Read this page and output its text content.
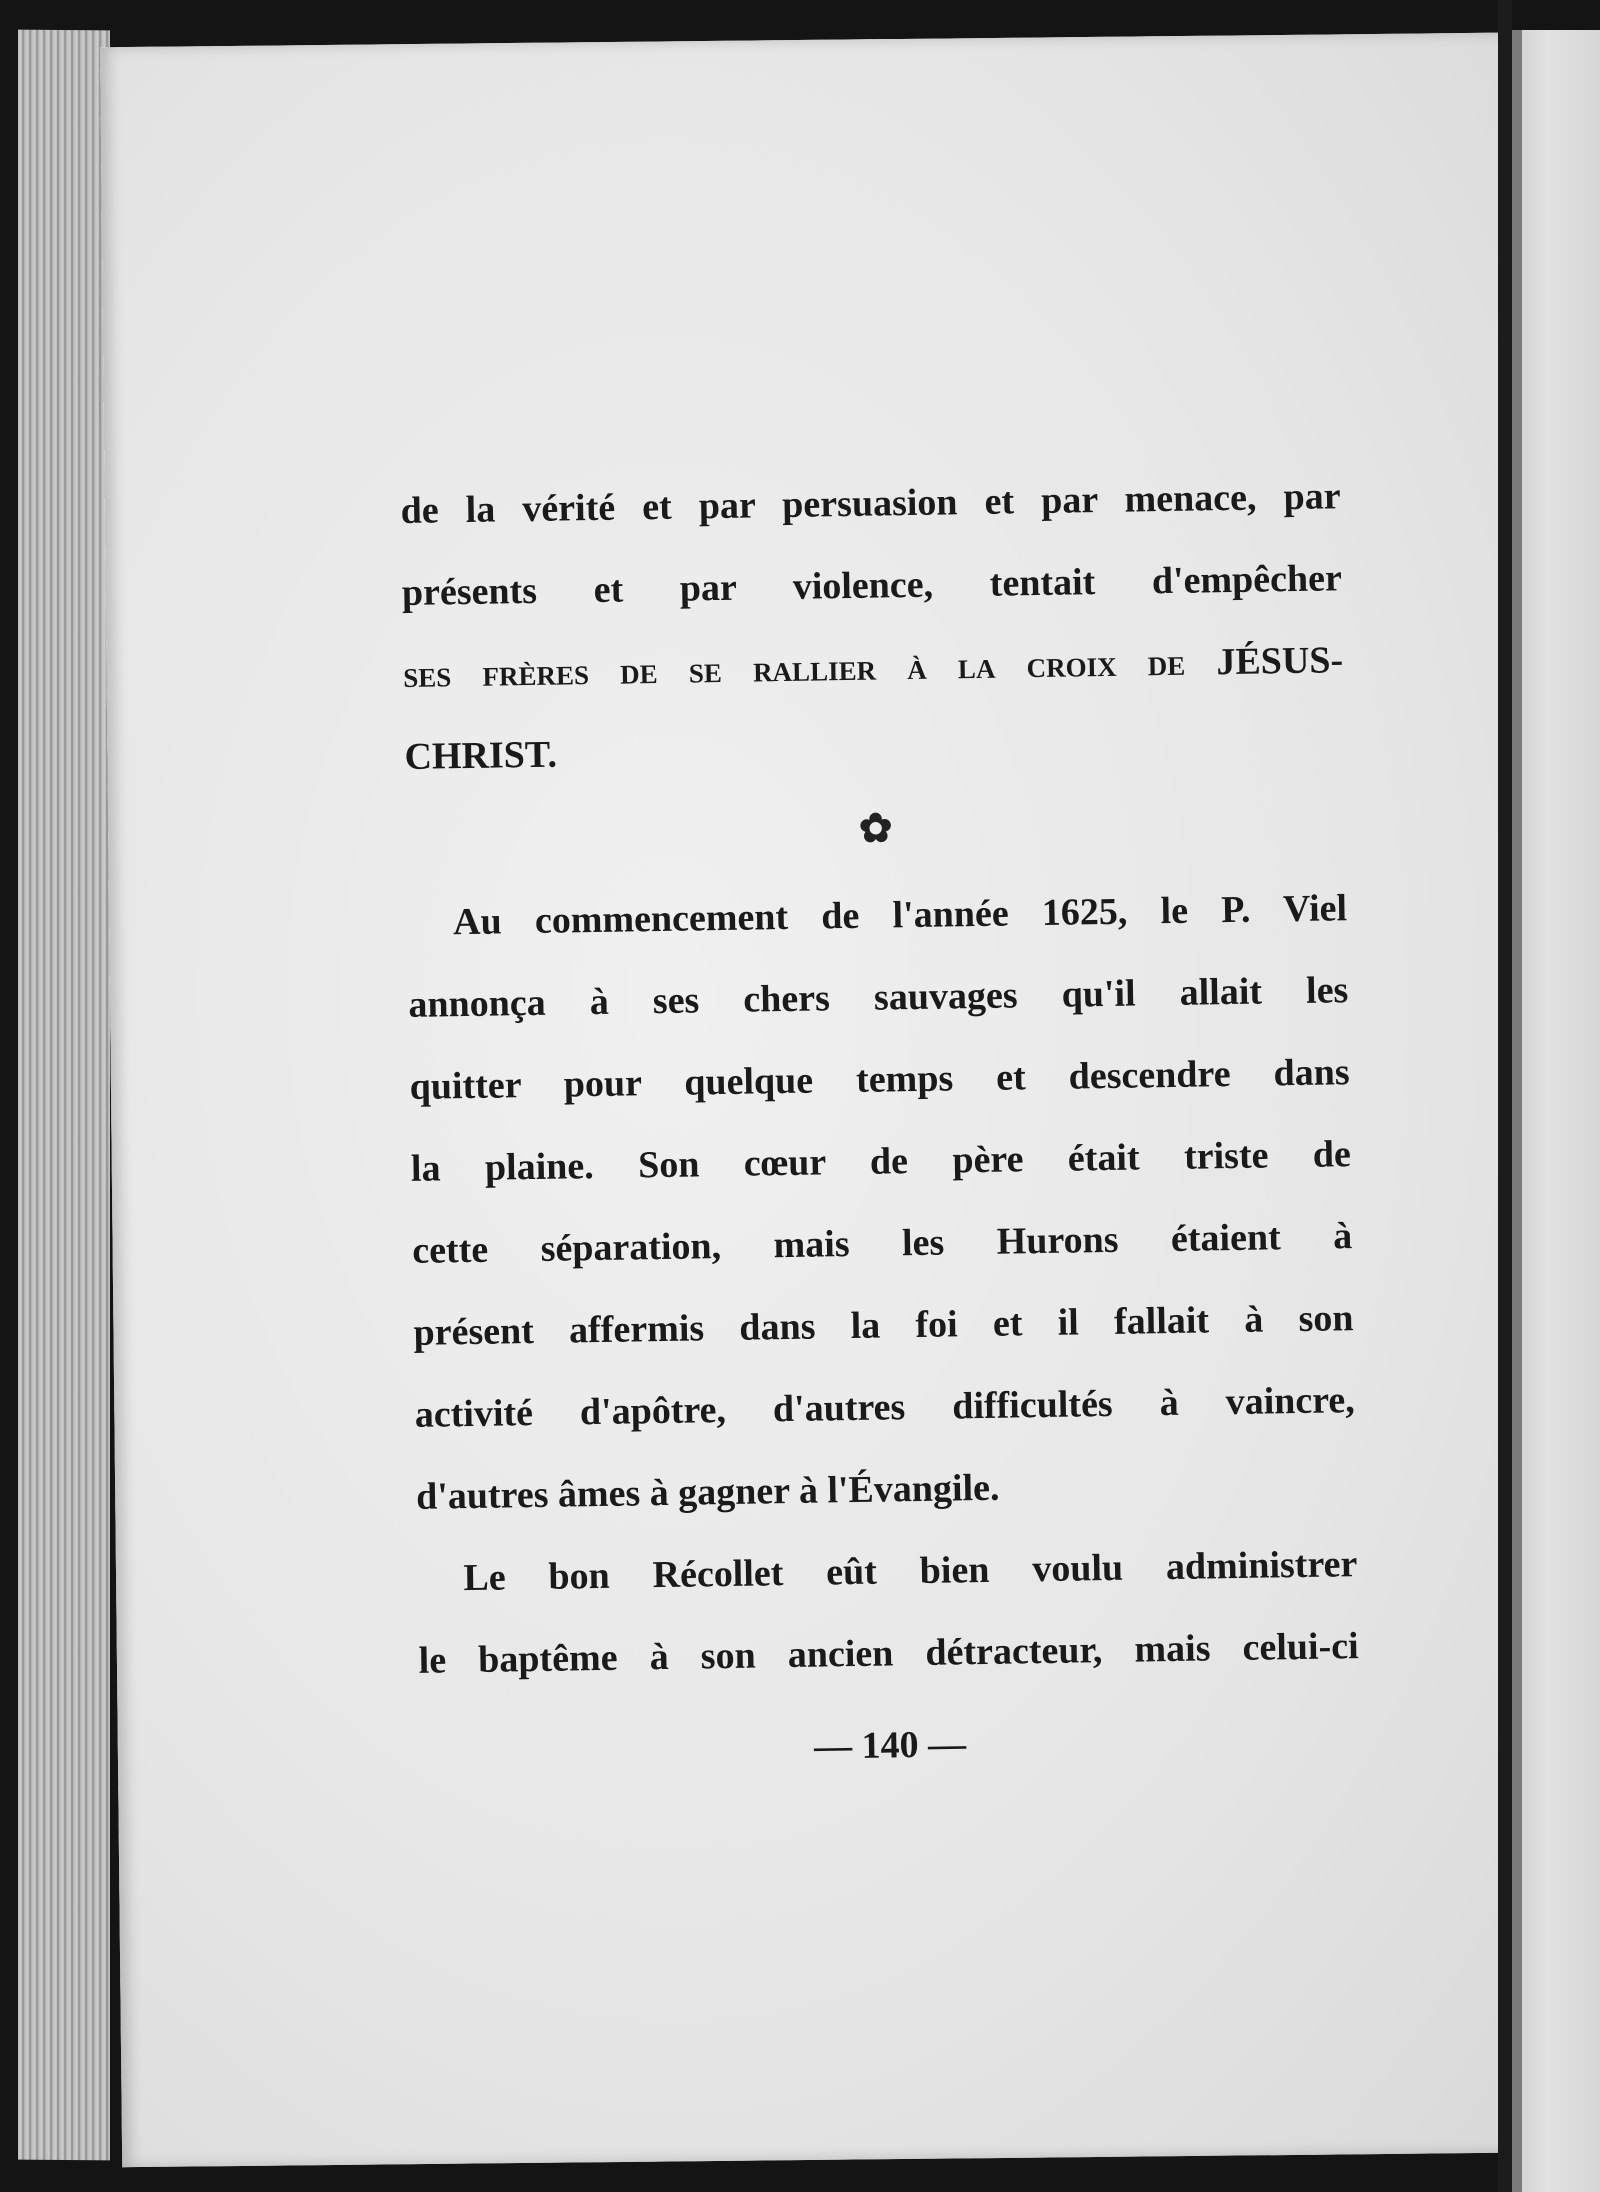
de la vérité et par persuasion et par menace, par
présents et par violence, tentait d'empêcher
ses frères de se rallier à la croix de JÉSUS-
CHRIST.

✿

Au commencement de l'année 1625, le P. Viel
annonça à ses chers sauvages qu'il allait les
quitter pour quelque temps et descendre dans
la plaine. Son cœur de père était triste de
cette séparation, mais les Hurons étaient à
présent affermis dans la foi et il fallait à son
activité d'apôtre, d'autres difficultés à vaincre,
d'autres âmes à gagner à l'Évangile.

Le bon Récollet eût bien voulu administrer
le baptême à son ancien détracteur, mais celui-ci

— 140 —
